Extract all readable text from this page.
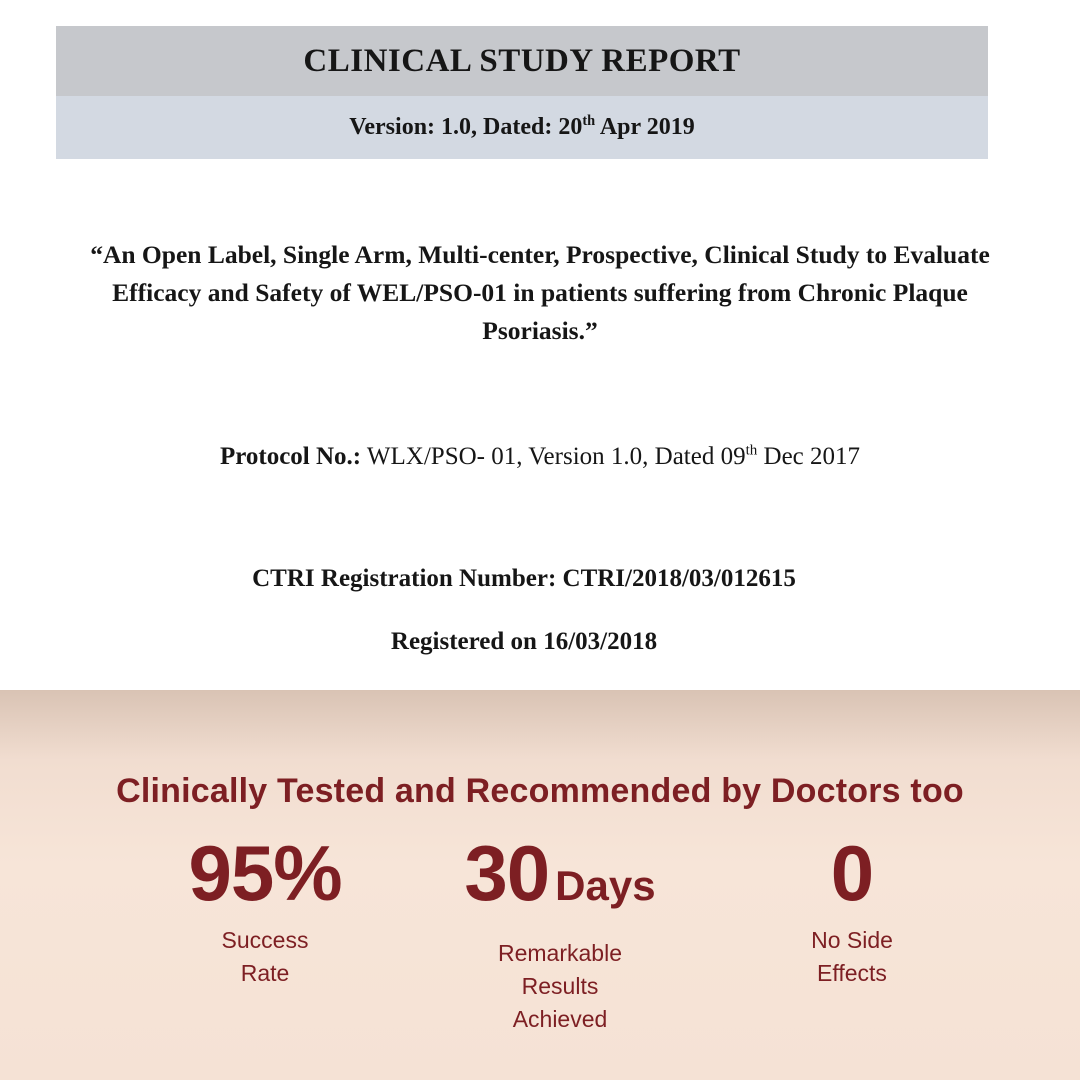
CLINICAL STUDY REPORT
Version: 1.0, Dated: 20th Apr 2019
“An Open Label, Single Arm, Multi-center, Prospective, Clinical Study to Evaluate Efficacy and Safety of WEL/PSO-01 in patients suffering from Chronic Plaque Psoriasis.”
Protocol No.: WLX/PSO- 01, Version 1.0, Dated 09th Dec 2017
CTRI Registration Number: CTRI/2018/03/012615
Registered on 16/03/2018
Clinically Tested and Recommended by Doctors too
95%
Success
Rate
30 Days
Remarkable
Results
Achieved
0
No Side
Effects
